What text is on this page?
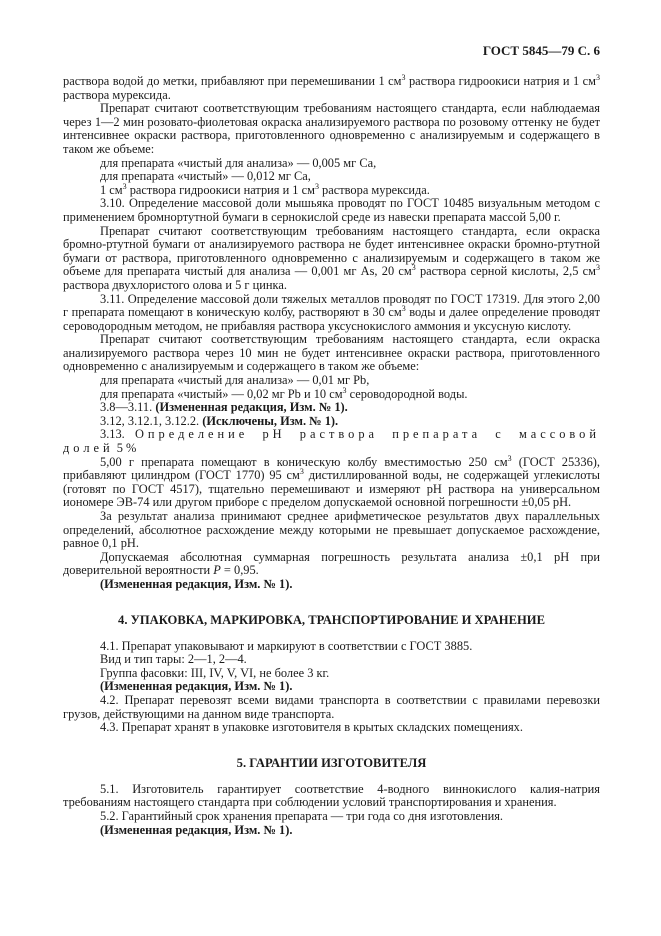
ГОСТ 5845—79 С. 6

раствора водой до метки, прибавляют при перемешивании 1 $см^3$ раствора гидроокиси натрия и 1 $см^3$ раствора мурексида.

Препарат считают соответствующим требованиям настоящего стандарта, если наблюдаемая через 1—2 мин розовато-фиолетовая окраска анализируемого раствора по розовому оттенку не будет интенсивнее окраски раствора, приготовленного одновременно с анализируемым и содержащего в таком же объеме:

для препарата «чистый для анализа» — 0,005 мг Ca,

для препарата «чистый» — 0,012 мг Ca,

1 $см^3$ раствора гидроокиси натрия и 1 $см^3$ раствора мурексида.

3.10. Определение массовой доли мышьяка проводят по ГОСТ 10485 визуальным методом с применением бромнортутной бумаги в сернокислой среде из навески препарата массой 5,00 г.

Препарат считают соответствующим требованиям настоящего стандарта, если окраска бромно-ртутной бумаги от анализируемого раствора не будет интенсивнее окраски бромно-ртутной бумаги от раствора, приготовленного одновременно с анализируемым и содержащего в таком же объеме для препарата чистый для анализа — 0,001 мг As, 20 $см^3$ раствора серной кислоты, 2,5 $см^3$ раствора двухлористого олова и 5 г цинка.

3.11. Определение массовой доли тяжелых металлов проводят по ГОСТ 17319. Для этого 2,00 г препарата помещают в коническую колбу, растворяют в 30 $см^3$ воды и далее определение проводят сероводородным методом, не прибавляя раствора уксуснокислого аммония и уксусную кислоту.

Препарат считают соответствующим требованиям настоящего стандарта, если окраска анализируемого раствора через 10 мин не будет интенсивнее окраски раствора, приготовленного одновременно с анализируемым и содержащего в таком же объеме:

для препарата «чистый для анализа» — 0,01 мг Pb,

для препарата «чистый» — 0,02 мг Pb и 10 $см^3$ сероводородной воды.

3.8—3.11. (Измененная редакция, Изм. № 1).

3.12, 3.12.1, 3.12.2. (Исключены, Изм. № 1).

3.13. Определение рН раствора препарата с массовой долей 5 %

5,00 г препарата помещают в коническую колбу вместимостью 250 $см^3$ (ГОСТ 25336), прибавляют цилиндром (ГОСТ 1770) 95 $см^3$ дистиллированной воды, не содержащей углекислоты (готовят по ГОСТ 4517), тщательно перемешивают и измеряют рН раствора на универсальном иономере ЭВ-74 или другом приборе с пределом допускаемой основной погрешности ±0,05 рН.

За результат анализа принимают среднее арифметическое результатов двух параллельных определений, абсолютное расхождение между которыми не превышает допускаемое расхождение, равное 0,1 рН.

Допускаемая абсолютная суммарная погрешность результата анализа ±0,1 рН при доверительной вероятности Р = 0,95.

(Измененная редакция, Изм. № 1).

4. УПАКОВКА, МАРКИРОВКА, ТРАНСПОРТИРОВАНИЕ И ХРАНЕНИЕ

4.1. Препарат упаковывают и маркируют в соответствии с ГОСТ 3885.

Вид и тип тары: 2—1, 2—4.

Группа фасовки: III, IV, V, VI, не более 3 кг.

(Измененная редакция, Изм. № 1).

4.2. Препарат перевозят всеми видами транспорта в соответствии с правилами перевозки грузов, действующими на данном виде транспорта.

4.3. Препарат хранят в упаковке изготовителя в крытых складских помещениях.

5. ГАРАНТИИ ИЗГОТОВИТЕЛЯ

5.1. Изготовитель гарантирует соответствие 4-водного виннокислого калия-натрия требованиям настоящего стандарта при соблюдении условий транспортирования и хранения.

5.2. Гарантийный срок хранения препарата — три года со дня изготовления.

(Измененная редакция, Изм. № 1).
